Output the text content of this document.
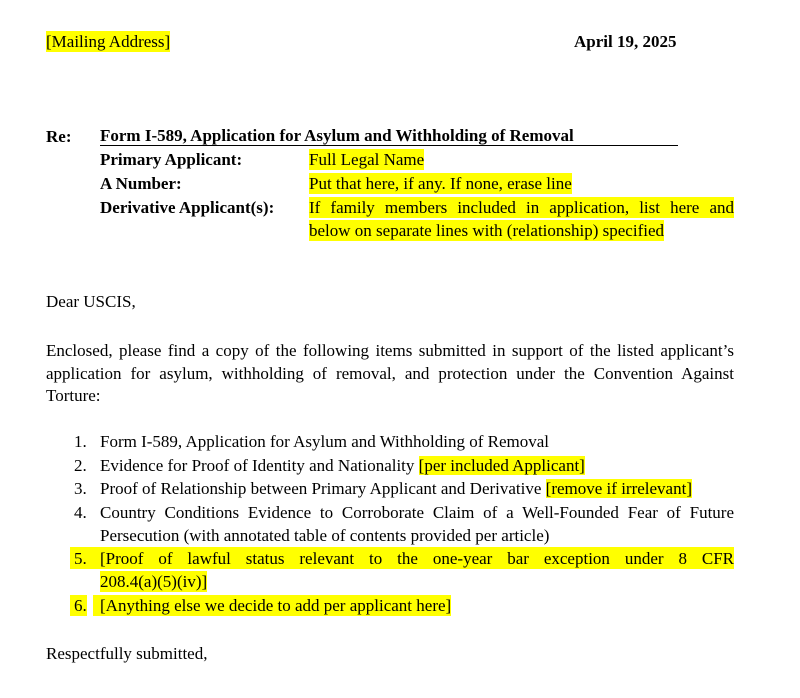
[Mailing Address]	April 19, 2025
Re: Form I-589, Application for Asylum and Withholding of Removal
Primary Applicant:	Full Legal Name
A Number:	Put that here, if any. If none, erase line
Derivative Applicant(s): If family members included in application, list here and
below on separate lines with (relationship) specified
Dear USCIS,
Enclosed, please find a copy of the following items submitted in support of the listed applicant’s
application for asylum, withholding of removal, and protection under the Convention Against
Torture:
1. Form I-589, Application for Asylum and Withholding of Removal
2. Evidence for Proof of Identity and Nationality [per included Applicant]
3. Proof of Relationship between Primary Applicant and Derivative [remove if irrelevant]
4. Country Conditions Evidence to Corroborate Claim of a Well-Founded Fear of Future
Persecution (with annotated table of contents provided per article)
5. [Proof of lawful status relevant to the one-year bar exception under 8 CFR
208.4(a)(5)(iv)]
6. [Anything else we decide to add per applicant here]
Respectfully submitted,
